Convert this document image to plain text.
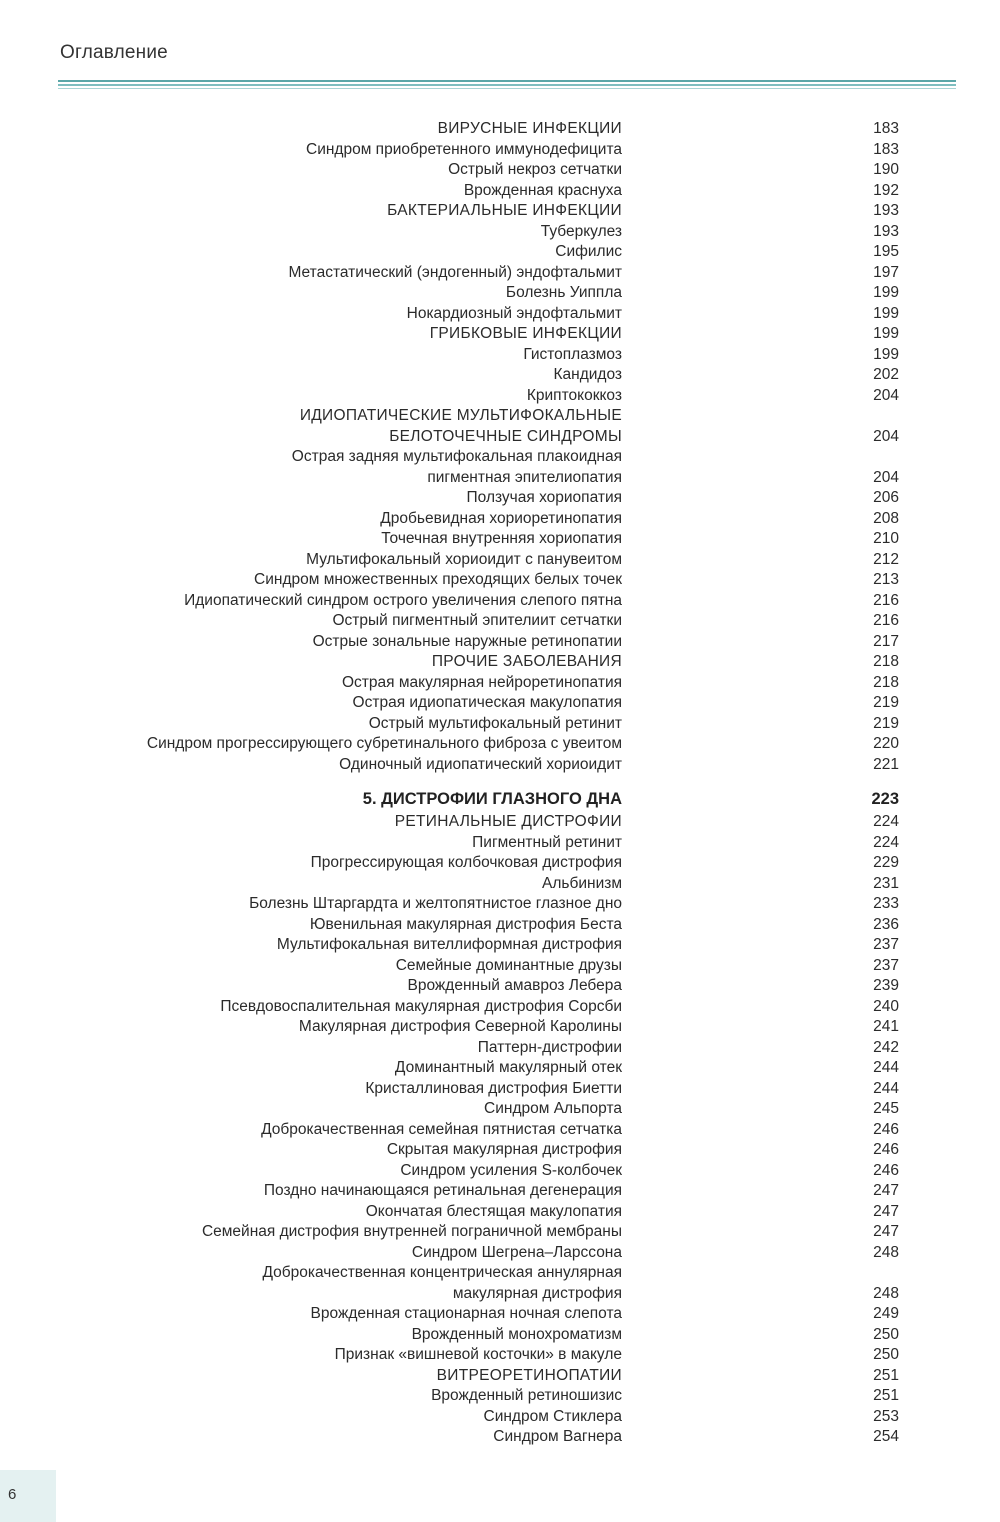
Оглавление
ВИРУСНЫЕ ИНФЕКЦИИ	183
Синдром приобретенного иммунодефицита	183
Острый некроз сетчатки	190
Врожденная краснуха	192
БАКТЕРИАЛЬНЫЕ ИНФЕКЦИИ	193
Туберкулез	193
Сифилис	195
Метастатический (эндогенный) эндофтальмит	197
Болезнь Уиппла	199
Нокардиозный эндофтальмит	199
ГРИБКОВЫЕ ИНФЕКЦИИ	199
Гистоплазмоз	199
Кандидоз	202
Криптококкоз	204
ИДИОПАТИЧЕСКИЕ МУЛЬТИФОКАЛЬНЫЕ
БЕЛОТОЧЕЧНЫЕ СИНДРОМЫ	204
Острая задняя мультифокальная плакоидная
пигментная эпителиопатия	204
Ползучая хориопатия	206
Дробьевидная хориоретинопатия	208
Точечная внутренняя хориопатия	210
Мультифокальный хориоидит с панувеитом	212
Синдром множественных преходящих белых точек	213
Идиопатический синдром острого увеличения слепого пятна	216
Острый пигментный эпителиит сетчатки	216
Острые зональные наружные ретинопатии	217
ПРОЧИЕ ЗАБОЛЕВАНИЯ	218
Острая макулярная нейроретинопатия	218
Острая идиопатическая макулопатия	219
Острый мультифокальный ретинит	219
Синдром прогрессирующего субретинального фиброза с увеитом	220
Одиночный идиопатический хориоидит	221
5. ДИСТРОФИИ ГЛАЗНОГО ДНА	223
РЕТИНАЛЬНЫЕ ДИСТРОФИИ	224
Пигментный ретинит	224
Прогрессирующая колбочковая дистрофия	229
Альбинизм	231
Болезнь Штаргардта и желтопятнистое глазное дно	233
Ювенильная макулярная дистрофия Беста	236
Мультифокальная вителлиформная дистрофия	237
Семейные доминантные друзы	237
Врожденный амавроз Лебера	239
Псевдовоспалительная макулярная дистрофия Сорсби	240
Макулярная дистрофия Северной Каролины	241
Паттерн-дистрофии	242
Доминантный макулярный отек	244
Кристаллиновая дистрофия Биетти	244
Синдром Альпорта	245
Доброкачественная семейная пятнистая сетчатка	246
Скрытая макулярная дистрофия	246
Синдром усиления S-колбочек	246
Поздно начинающаяся ретинальная дегенерация	247
Окончатая блестящая макулопатия	247
Семейная дистрофия внутренней пограничной мембраны	247
Синдром Шегрена–Ларссона	248
Доброкачественная концентрическая аннулярная
макулярная дистрофия	248
Врожденная стационарная ночная слепота	249
Врожденный монохроматизм	250
Признак «вишневой косточки» в макуле	250
ВИТРЕОРЕТИНОПАТИИ	251
Врожденный ретиношизис	251
Синдром Стиклера	253
Синдром Вагнера	254
6
